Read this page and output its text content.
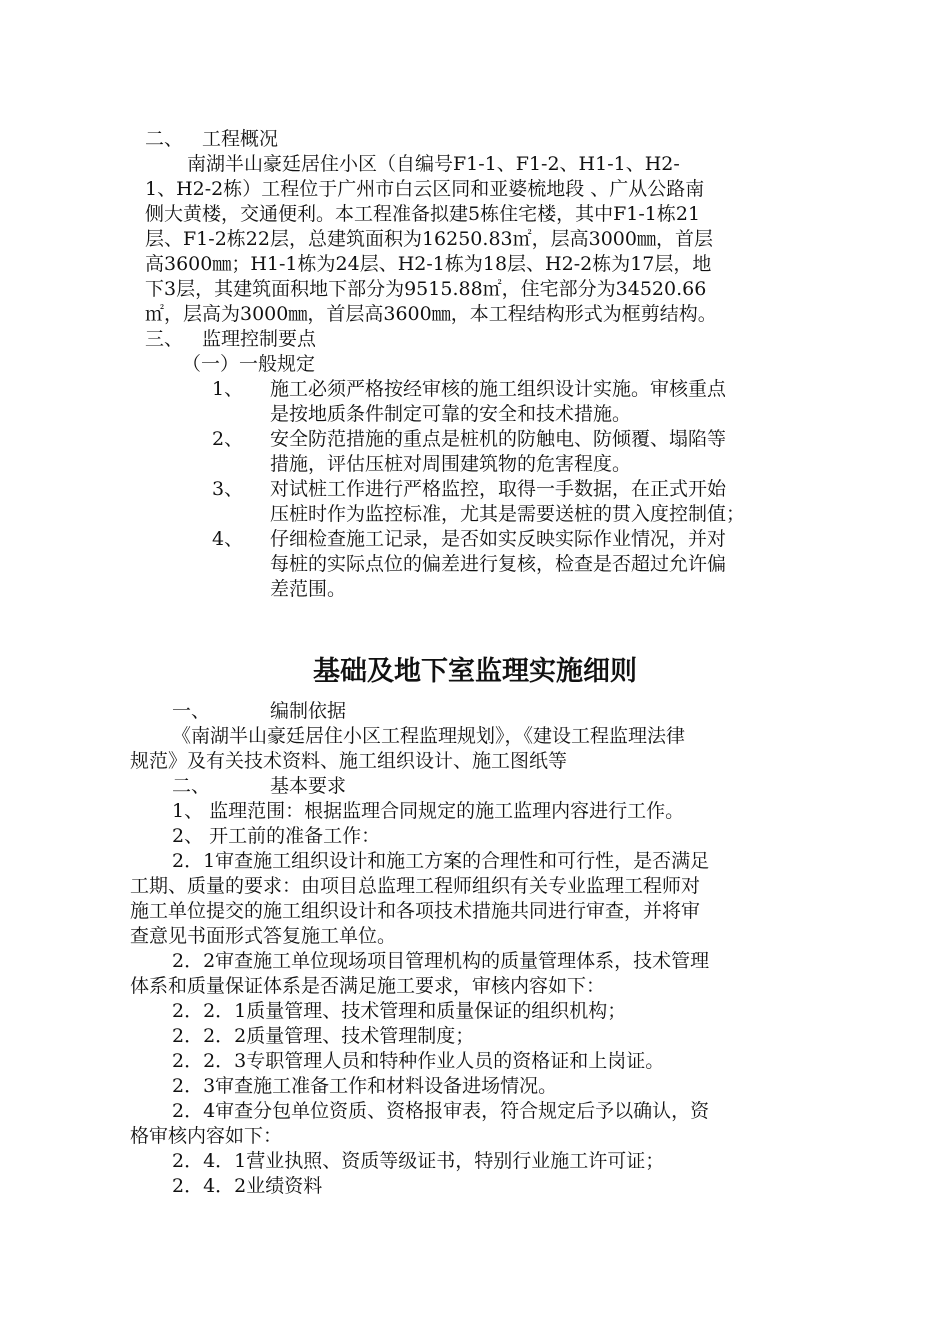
二、 工程概况
南湖半山豪廷居住小区（自编号F1-1、F1-2、H1-1、H2-
1、H2-2栋）工程位于广州市白云区同和亚婆梳地段 、广从公路南
侧大黄楼，交通便利。本工程准备拟建5栋住宅楼，其中F1-1栋21
层、F1-2栋22层，总建筑面积为16250.83㎡，层高3000㎜，首层
高3600㎜；H1-1栋为24层、H2-1栋为18层、H2-2栋为17层，地
下3层，其建筑面积地下部分为9515.88㎡，住宅部分为34520.66
㎡，层高为3000㎜，首层高3600㎜，本工程结构形式为框剪结构。
三、 监理控制要点
（一）一般规定
1、 施工必须严格按经审核的施工组织设计实施。审核重点
是按地质条件制定可靠的安全和技术措施。
2、 安全防范措施的重点是桩机的防触电、防倾覆、塌陷等
措施，评估压桩对周围建筑物的危害程度。
3、 对试桩工作进行严格监控，取得一手数据，在正式开始
压桩时作为监控标准，尤其是需要送桩的贯入度控制值；
4、 仔细检查施工记录，是否如实反映实际作业情况，并对
每桩的实际点位的偏差进行复核，检查是否超过允许偏
差范围。
基础及地下室监理实施细则
一、	编制依据
《南湖半山豪廷居住小区工程监理规划》，《建设工程监理法律
规范》及有关技术资料、施工组织设计、施工图纸等
二、	基本要求
1、 监理范围：根据监理合同规定的施工监理内容进行工作。
2、 开工前的准备工作：
2．1审查施工组织设计和施工方案的合理性和可行性，是否满足
工期、质量的要求：由项目总监理工程师组织有关专业监理工程师对
施工单位提交的施工组织设计和各项技术措施共同进行审查，并将审
查意见书面形式答复施工单位。
2．2审查施工单位现场项目管理机构的质量管理体系，技术管理
体系和质量保证体系是否满足施工要求，审核内容如下：
2．2．1质量管理、技术管理和质量保证的组织机构；
2．2．2质量管理、技术管理制度；
2．2．3专职管理人员和特种作业人员的资格证和上岗证。
2．3审查施工准备工作和材料设备进场情况。
2．4审查分包单位资质、资格报审表，符合规定后予以确认，资
格审核内容如下：
2．4．1营业执照、资质等级证书，特别行业施工许可证；
2．4．2业绩资料
